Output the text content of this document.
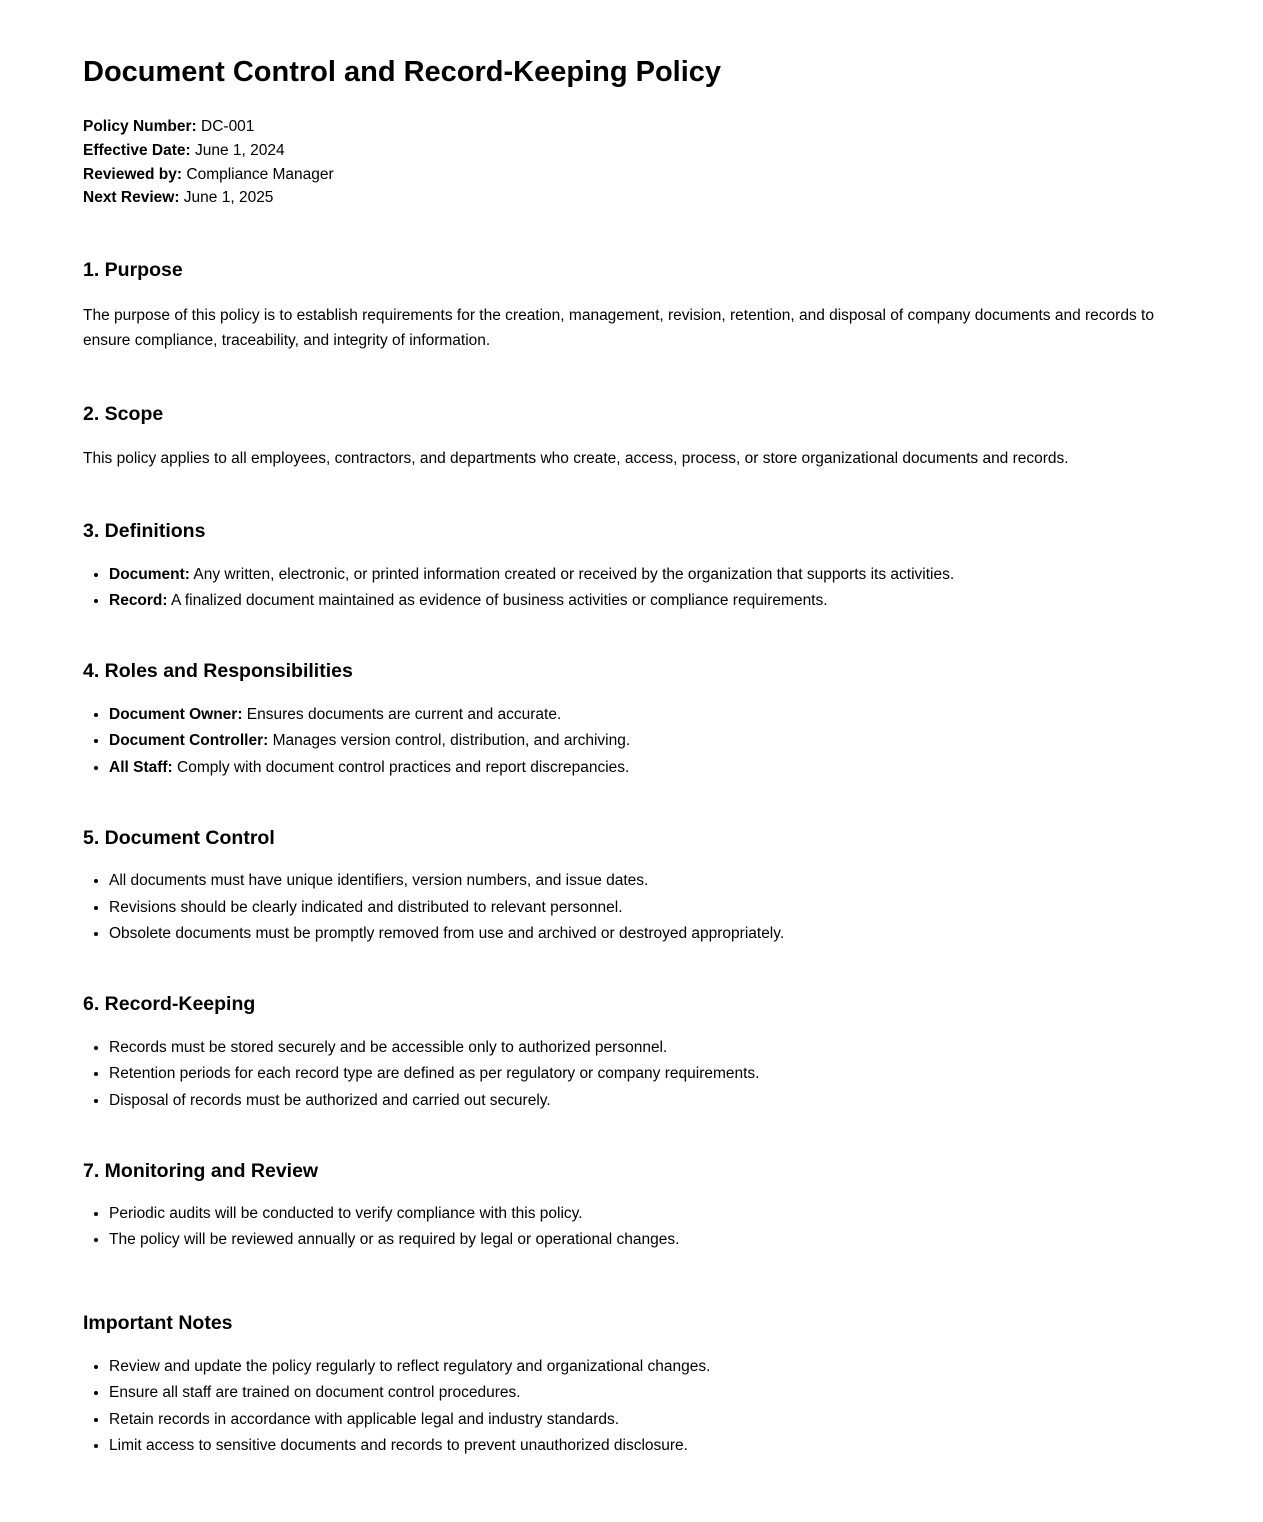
Document Control and Record-Keeping Policy

Policy Number: DC-001

Effective Date: June 1, 2024

Reviewed by: Compliance Manager

Next Review: June 1, 2025

1. Purpose

The purpose of this policy is to establish requirements for the creation, management, revision, retention, and disposal of company documents and records to ensure compliance, traceability, and integrity of information.

2. Scope

This policy applies to all employees, contractors, and departments who create, access, process, or store organizational documents and records.

3. Definitions
• Document: Any written, electronic, or printed information created or received by the organization that supports its activities.
• Record: A finalized document maintained as evidence of business activities or compliance requirements.
4. Roles and Responsibilities
• Document Owner: Ensures documents are current and accurate.
• Document Controller: Manages version control, distribution, and archiving.
• All Staff: Comply with document control practices and report discrepancies.
5. Document Control
• All documents must have unique identifiers, version numbers, and issue dates.
• Revisions should be clearly indicated and distributed to relevant personnel.
• Obsolete documents must be promptly removed from use and archived or destroyed appropriately.
6. Record-Keeping
• Records must be stored securely and be accessible only to authorized personnel.
• Retention periods for each record type are defined as per regulatory or company requirements.
• Disposal of records must be authorized and carried out securely.
7. Monitoring and Review
• Periodic audits will be conducted to verify compliance with this policy.
• The policy will be reviewed annually or as required by legal or operational changes.
Important Notes
• Review and update the policy regularly to reflect regulatory and organizational changes.
• Ensure all staff are trained on document control procedures.
• Retain records in accordance with applicable legal and industry standards.
• Limit access to sensitive documents and records to prevent unauthorized disclosure.
